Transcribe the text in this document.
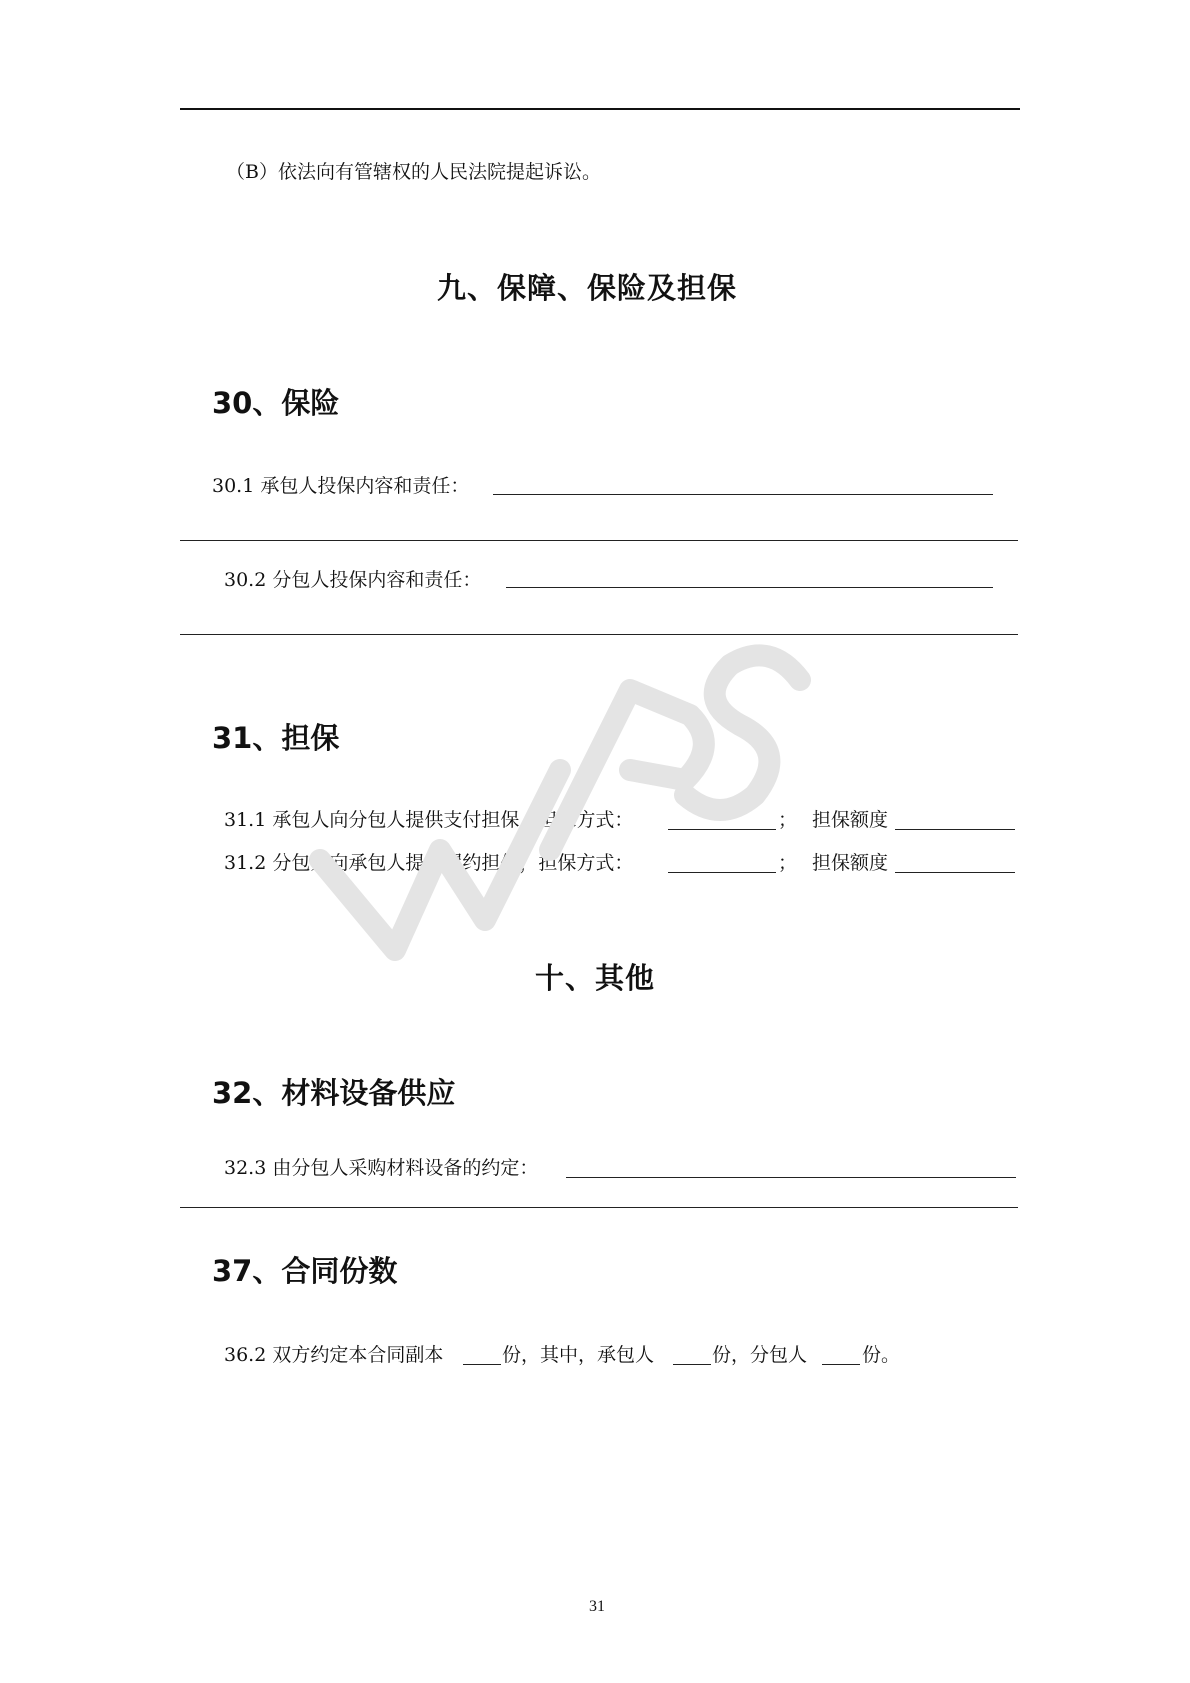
（B）依法向有管辖权的人民法院提起诉讼。
九、保障、保险及担保
30、保险
30.1 承包人投保内容和责任：
30.2 分包人投保内容和责任：
31、担保
31.1 承包人向分包人提供支付担保，担保方式：	； 担保额度
31.2 分包人向承包人提供履约担保，担保方式：	； 担保额度
十、其他
32、材料设备供应
32.3 由分包人采购材料设备的约定：
37、合同份数
36.2 双方约定本合同副本	份，其中，承包人	份，分包人	份。
31
